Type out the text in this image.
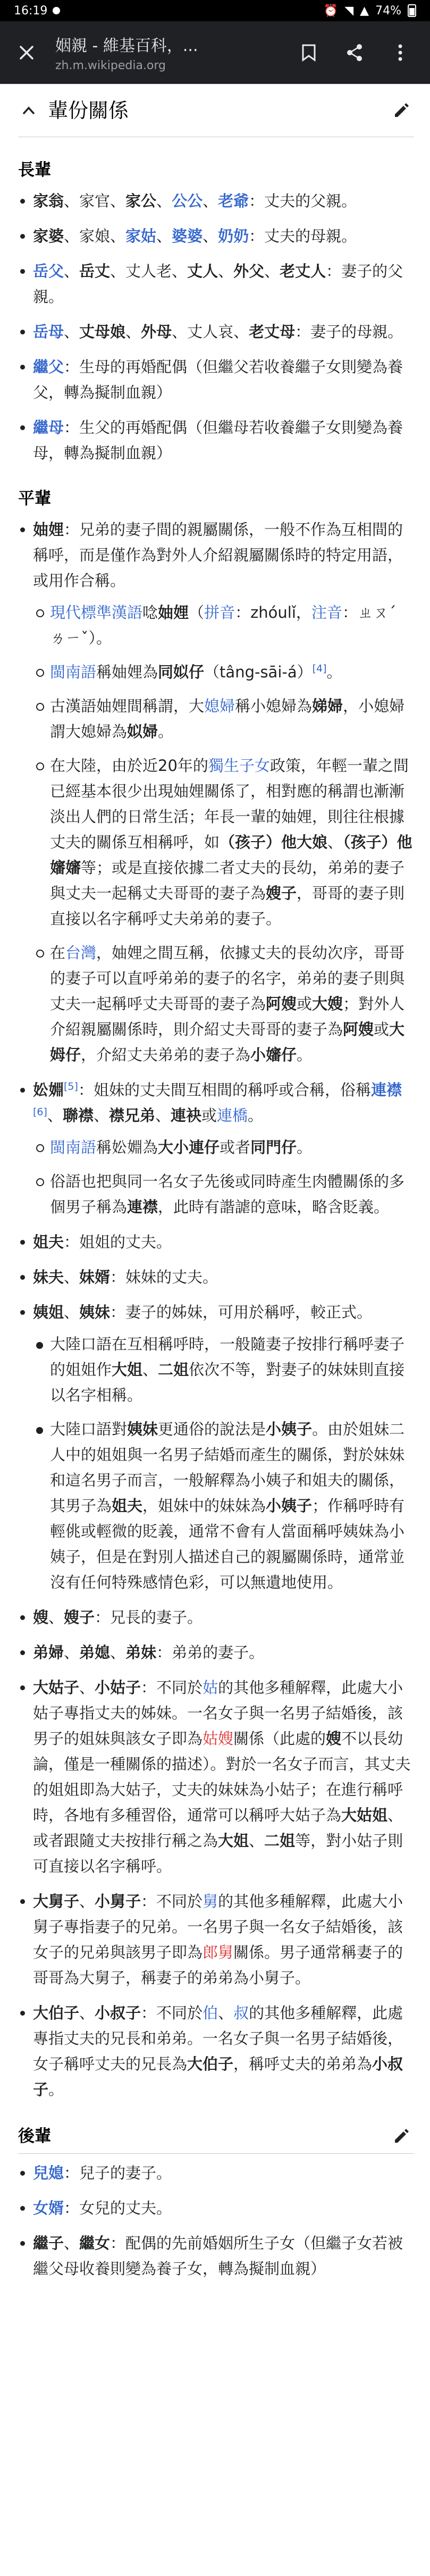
16:19	⏰ ◥ ▲ 74%
姻親 - 維基百科，...
zh.m.wikipedia.org
輩份關係
長輩
家翁、家官、家公、公公、老爺：丈夫的父親。
家婆、家娘、家姑、婆婆、奶奶：丈夫的母親。
岳父、岳丈、丈人老、丈人、外父、老丈人：妻子的父親。
岳母、丈母娘、外母、丈人哀、老丈母：妻子的母親。
繼父：生母的再婚配偶（但繼父若收養繼子女則變為養父，轉為擬制血親）
繼母：生父的再婚配偶（但繼母若收養繼子女則變為養母，轉為擬制血親）
平輩
妯娌：兄弟的妻子間的親屬關係，一般不作為互相間的稱呼，而是僅作為對外人介紹親屬關係時的特定用語，或用作合稱。
現代標準漢語唸妯娌（拼音：zhóulǐ，注音：ㄓㄡˊ ㄌㄧˇ）。
閩南語稱妯娌為同姒仔（tâng-sāi-á）[4]。
古漢語妯娌間稱謂，大媳婦稱小媳婦為娣婦，小媳婦謂大媳婦為姒婦。
在大陸，由於近20年的獨生子女政策，年輕一輩之間已經基本很少出現妯娌關係了，相對應的稱謂也漸漸淡出人們的日常生活；年長一輩的妯娌，則往往根據丈夫的關係互相稱呼，如（孩子）他大娘、（孩子）他嬸嬸等；或是直接依據二者丈夫的長幼，弟弟的妻子與丈夫一起稱丈夫哥哥的妻子為嫂子，哥哥的妻子則直接以名字稱呼丈夫弟弟的妻子。
在台灣，妯娌之間互稱，依據丈夫的長幼次序，哥哥的妻子可以直呼弟弟的妻子的名字，弟弟的妻子則與丈夫一起稱呼丈夫哥哥的妻子為阿嫂或大嫂；對外人介紹親屬關係時，則介紹丈夫哥哥的妻子為阿嫂或大姆仔，介紹丈夫弟弟的妻子為小嬸仔。
妐婣[5]：姐妹的丈夫間互相間的稱呼或合稱，俗稱連襟[6]、聯襟、襟兄弟、連袂或連橋。
閩南語稱妐婣為大小連仔或者同門仔。
俗語也把與同一名女子先後或同時產生肉體關係的多個男子稱為連襟，此時有諧謔的意味，略含貶義。
姐夫：姐姐的丈夫。
妹夫、妹婿：妹妹的丈夫。
姨姐、姨妹：妻子的姊妹，可用於稱呼，較正式。
大陸口語在互相稱呼時，一般隨妻子按排行稱呼妻子的姐姐作大姐、二姐依次不等，對妻子的妹妹則直接以名字相稱。
大陸口語對姨妹更通俗的說法是小姨子。由於姐妹二人中的姐姐與一名男子結婚而產生的關係，對於妹妹和這名男子而言，一般解釋為小姨子和姐夫的關係，其男子為姐夫，姐妹中的妹妹為小姨子；作稱呼時有輕佻或輕微的貶義，通常不會有人當面稱呼姨妹為小姨子，但是在對別人描述自己的親屬關係時，通常並沒有任何特殊感情色彩，可以無遺地使用。
嫂、嫂子：兄長的妻子。
弟婦、弟媳、弟妹：弟弟的妻子。
大姑子、小姑子：不同於姑的其他多種解釋，此處大小姑子專指丈夫的姊妹。一名女子與一名男子結婚後，該男子的姐妹與該女子即為姑嫂關係（此處的嫂不以長幼論，僅是一種關係的描述）。對於一名女子而言，其丈夫的姐姐即為大姑子，丈夫的妹妹為小姑子；在進行稱呼時，各地有多種習俗，通常可以稱呼大姑子為大姑姐、或者跟隨丈夫按排行稱之為大姐、二姐等，對小姑子則可直接以名字稱呼。
大舅子、小舅子：不同於舅的其他多種解釋，此處大小舅子專指妻子的兄弟。一名男子與一名女子結婚後，該女子的兄弟與該男子即為郎舅關係。男子通常稱妻子的哥哥為大舅子，稱妻子的弟弟為小舅子。
大伯子、小叔子：不同於伯、叔的其他多種解釋，此處專指丈夫的兄長和弟弟。一名女子與一名男子結婚後，女子稱呼丈夫的兄長為大伯子，稱呼丈夫的弟弟為小叔子。
後輩
兒媳：兒子的妻子。
女婿：女兒的丈夫。
繼子、繼女：配偶的先前婚姻所生子女（但繼子女若被繼父母收養則變為養子女，轉為擬制血親）
